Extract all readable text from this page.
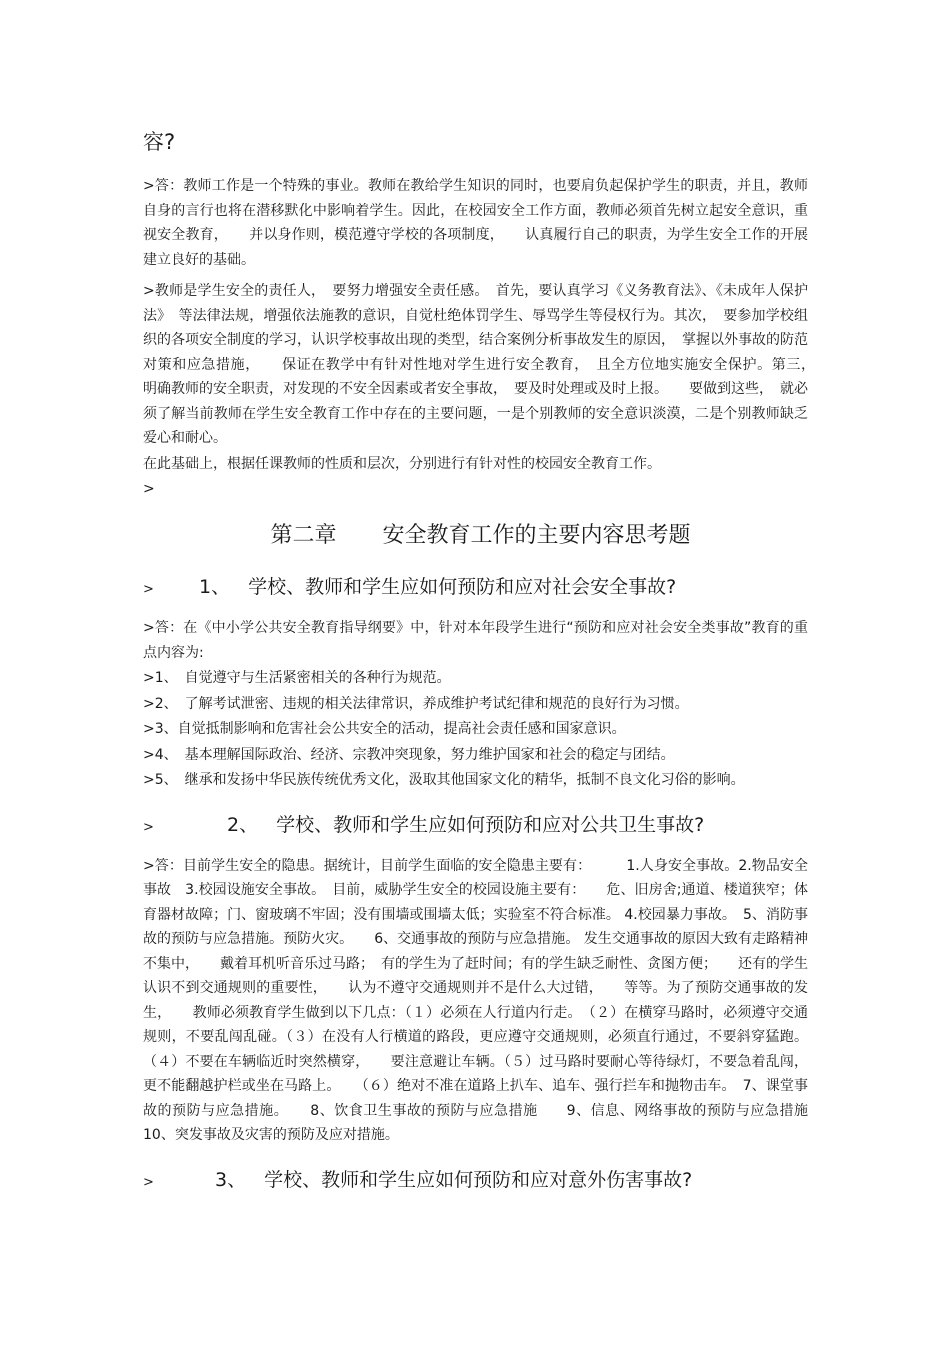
容?

>答：教师工作是一个特殊的事业。教师在教给学生知识的同时，也要肩负起保护学生的职责，并且，教师自身的言行也将在潜移默化中影响着学生。因此，在校园安全工作方面，教师必须首先树立起安全意识，重视安全教育，　　并以身作则，模范遵守学校的各项制度，　　认真履行自己的职责，为学生安全工作的开展建立良好的基础。

>教师是学生安全的责任人，　要努力增强安全责任感。　首先，要认真学习《义务教育法》、《未成年人保护法》　等法律法规，增强依法施教的意识，自觉杜绝体罚学生、辱骂学生等侵权行为。其次，　要参加学校组织的各项安全制度的学习，认识学校事故出现的类型，结合案例分析事故发生的原因，　掌握以外事故的防范对策和应急措施，　　保证在教学中有针对性地对学生进行安全教育，　且全方位地实施安全保护。第三，　　明确教师的安全职责，对发现的不安全因素或者安全事故，　要及时处理或及时上报。　　要做到这些，　就必须了解当前教师在学生安全教育工作中存在的主要问题，一是个别教师的安全意识淡漠，二是个别教师缺乏爱心和耐心。

在此基础上，根据任课教师的性质和层次，分别进行有针对性的校园安全教育工作。

>
第二章 安全教育工作的主要内容思考题
>	1、 学校、教师和学生应如何预防和应对社会安全事故?

>答：在《中小学公共安全教育指导纲要》中，针对本年段学生进行“预防和应对社会安全类事故”教育的重点内容为:

>1、　自觉遵守与生活紧密相关的各种行为规范。
>2、　了解考试泄密、违规的相关法律常识，养成维护考试纪律和规范的良好行为习惯。
>3、自觉抵制影响和危害社会公共安全的活动，提高社会责任感和国家意识。
>4、　基本理解国际政治、经济、宗教冲突现象，努力维护国家和社会的稳定与团结。
>5、　继承和发扬中华民族传统优秀文化，汲取其他国家文化的精华，抵制不良文化习俗的影响。
>	2、 学校、教师和学生应如何预防和应对公共卫生事故?

>答：目前学生安全的隐患。据统计，目前学生面临的安全隐患主要有：　　　1.人身安全事故。2.物品安全事故　3.校园设施安全事故。　目前，威胁学生安全的校园设施主要有：　　危、旧房舍;通道、楼道狭窄；体育器材故障；门、窗玻璃不牢固；没有围墙或围墙太低；实验室不符合标准。 4.校园暴力事故。　5、消防事故的预防与应急措施。预防火灾。　　6、交通事故的预防与应急措施。 发生交通事故的原因大致有走路精神不集中，　　戴着耳机听音乐过马路；　有的学生为了赶时间；有的学生缺乏耐性、贪图方便；　　还有的学生认识不到交通规则的重要性，　　认为不遵守交通规则并不是什么大过错，　　等等。为了预防交通事故的发生，　　教师必须教育学生做到以下几点：（１）必须在人行道内行走。　（２）在横穿马路时，必须遵守交通规则，不要乱闯乱碰。（３）在没有人行横道的路段，更应遵守交通规则，必须直行通过，不要斜穿猛跑。（４）不要在车辆临近时突然横穿，　　要注意避让车辆。（５）过马路时要耐心等待绿灯，不要急着乱闯，更不能翻越护栏或坐在马路上。　　（６）绝对不准在道路上扒车、追车、强行拦车和抛物击车。　7、课堂事故的预防与应急措施。　　8、饮食卫生事故的预防与应急措施　　9、信息、网络事故的预防与应急措施　　10、突发事故及灾害的预防及应对措施。

>	3、 学校、教师和学生应如何预防和应对意外伤害事故?
